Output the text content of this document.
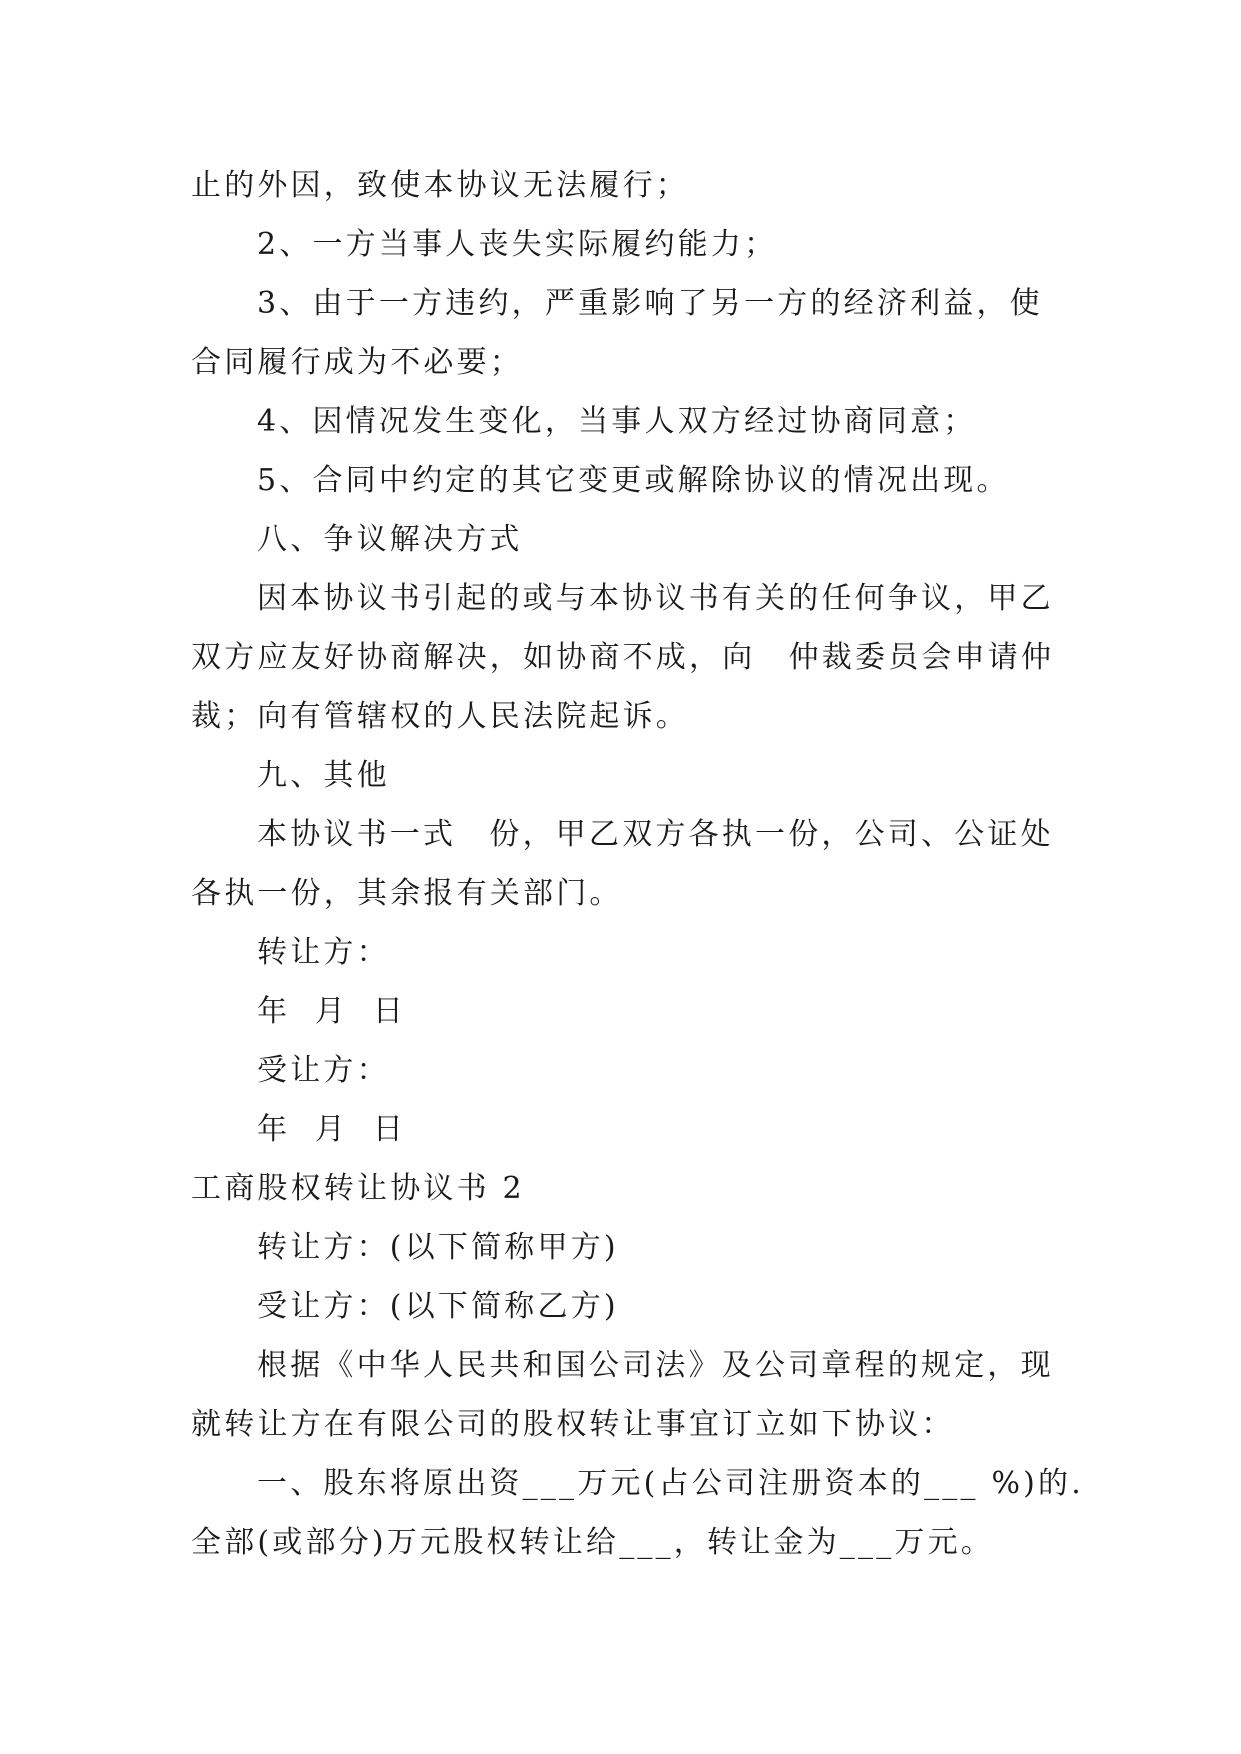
止的外因，致使本协议无法履行；

2、一方当事人丧失实际履约能力；

3、由于一方违约，严重影响了另一方的经济利益，使

合同履行成为不必要；

4、因情况发生变化，当事人双方经过协商同意；

5、合同中约定的其它变更或解除协议的情况出现。

八、争议解决方式

因本协议书引起的或与本协议书有关的任何争议，甲乙

双方应友好协商解决，如协商不成，向　仲裁委员会申请仲

裁；向有管辖权的人民法院起诉。

九、其他

本协议书一式　份，甲乙双方各执一份，公司、公证处

各执一份，其余报有关部门。

转让方：

年 月 日

受让方：

年 月 日

工商股权转让协议书 2

转让方：(以下简称甲方)

受让方：(以下简称乙方)

根据《中华人民共和国公司法》及公司章程的规定，现

就转让方在有限公司的股权转让事宜订立如下协议：

一、股东将原出资___万元(占公司注册资本的___ %)的.

全部(或部分)万元股权转让给___，转让金为___万元。
